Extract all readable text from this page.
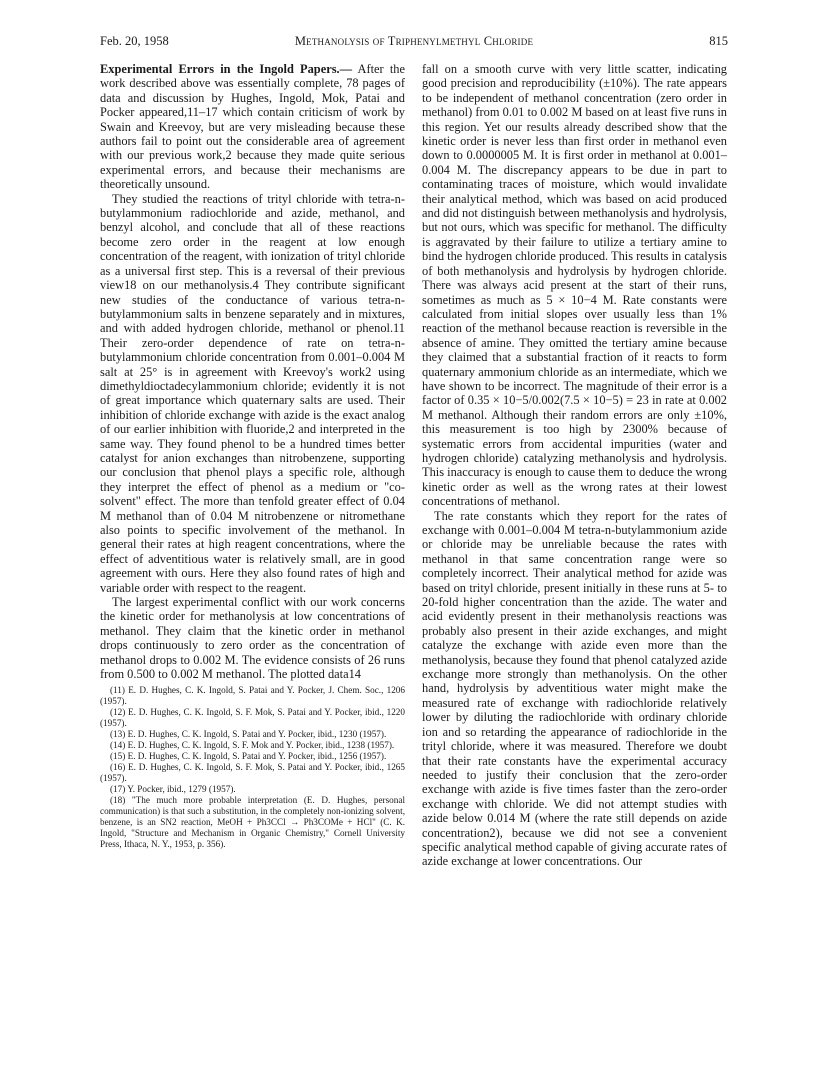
Feb. 20, 1958	Methanolysis of Triphenylmethyl Chloride	815

Experimental Errors in the Ingold Papers.— After the work described above was essentially complete, 78 pages of data and discussion by Hughes, Ingold, Mok, Patai and Pocker appeared,11–17 which contain criticism of work by Swain and Kreevoy, but are very misleading because these authors fail to point out the considerable area of agreement with our previous work,2 because they made quite serious experimental errors, and because their mechanisms are theoretically unsound.

They studied the reactions of trityl chloride with tetra-n-butylammonium radiochloride and azide, methanol, and benzyl alcohol, and conclude that all of these reactions become zero order in the reagent at low enough concentration of the reagent, with ionization of trityl chloride as a universal first step. This is a reversal of their previous view18 on our methanolysis.4 They contribute significant new studies of the conductance of various tetra-n-butylammonium salts in benzene separately and in mixtures, and with added hydrogen chloride, methanol or phenol.11 Their zero-order dependence of rate on tetra-n-butylammonium chloride concentration from 0.001–0.004 M salt at 25° is in agreement with Kreevoy's work2 using dimethyldioctadecylammonium chloride; evidently it is not of great importance which quaternary salts are used. Their inhibition of chloride exchange with azide is the exact analog of our earlier inhibition with fluoride,2 and interpreted in the same way. They found phenol to be a hundred times better catalyst for anion exchanges than nitrobenzene, supporting our conclusion that phenol plays a specific role, although they interpret the effect of phenol as a medium or "co-solvent" effect. The more than tenfold greater effect of 0.04 M methanol than of 0.04 M nitrobenzene or nitromethane also points to specific involvement of the methanol. In general their rates at high reagent concentrations, where the effect of adventitious water is relatively small, are in good agreement with ours. Here they also found rates of high and variable order with respect to the reagent.

The largest experimental conflict with our work concerns the kinetic order for methanolysis at low concentrations of methanol. They claim that the kinetic order in methanol drops continuously to zero order as the concentration of methanol drops to 0.002 M. The evidence consists of 26 runs from 0.500 to 0.002 M methanol. The plotted data14

(11) E. D. Hughes, C. K. Ingold, S. Patai and Y. Pocker, J. Chem. Soc., 1206 (1957).

(12) E. D. Hughes, C. K. Ingold, S. F. Mok, S. Patai and Y. Pocker, ibid., 1220 (1957).

(13) E. D. Hughes, C. K. Ingold, S. Patai and Y. Pocker, ibid., 1230 (1957).

(14) E. D. Hughes, C. K. Ingold, S. F. Mok and Y. Pocker, ibid., 1238 (1957).

(15) E. D. Hughes, C. K. Ingold, S. Patai and Y. Pocker, ibid., 1256 (1957).

(16) E. D. Hughes, C. K. Ingold, S. F. Mok, S. Patai and Y. Pocker, ibid., 1265 (1957).

(17) Y. Pocker, ibid., 1279 (1957).

(18) "The much more probable interpretation (E. D. Hughes, personal communication) is that such a substitution, in the completely non-ionizing solvent, benzene, is an SN2 reaction, MeOH + Ph3CCl → Ph3COMe + HCl" (C. K. Ingold, "Structure and Mechanism in Organic Chemistry," Cornell University Press, Ithaca, N. Y., 1953, p. 356).

fall on a smooth curve with very little scatter, indicating good precision and reproducibility (±10%). The rate appears to be independent of methanol concentration (zero order in methanol) from 0.01 to 0.002 M based on at least five runs in this region. Yet our results already described show that the kinetic order is never less than first order in methanol even down to 0.0000005 M. It is first order in methanol at 0.001–0.004 M. The discrepancy appears to be due in part to contaminating traces of moisture, which would invalidate their analytical method, which was based on acid produced and did not distinguish between methanolysis and hydrolysis, but not ours, which was specific for methanol. The difficulty is aggravated by their failure to utilize a tertiary amine to bind the hydrogen chloride produced. This results in catalysis of both methanolysis and hydrolysis by hydrogen chloride. There was always acid present at the start of their runs, sometimes as much as 5 × 10−4 M. Rate constants were calculated from initial slopes over usually less than 1% reaction of the methanol because reaction is reversible in the absence of amine. They omitted the tertiary amine because they claimed that a substantial fraction of it reacts to form quaternary ammonium chloride as an intermediate, which we have shown to be incorrect. The magnitude of their error is a factor of 0.35 × 10−5/0.002(7.5 × 10−5) = 23 in rate at 0.002 M methanol. Although their random errors are only ±10%, this measurement is too high by 2300% because of systematic errors from accidental impurities (water and hydrogen chloride) catalyzing methanolysis and hydrolysis. This inaccuracy is enough to cause them to deduce the wrong kinetic order as well as the wrong rates at their lowest concentrations of methanol.

The rate constants which they report for the rates of exchange with 0.001–0.004 M tetra-n-butylammonium azide or chloride may be unreliable because the rates with methanol in that same concentration range were so completely incorrect. Their analytical method for azide was based on trityl chloride, present initially in these runs at 5- to 20-fold higher concentration than the azide. The water and acid evidently present in their methanolysis reactions was probably also present in their azide exchanges, and might catalyze the exchange with azide even more than the methanolysis, because they found that phenol catalyzed azide exchange more strongly than methanolysis. On the other hand, hydrolysis by adventitious water might make the measured rate of exchange with radiochloride relatively lower by diluting the radiochloride with ordinary chloride ion and so retarding the appearance of radiochloride in the trityl chloride, where it was measured. Therefore we doubt that their rate constants have the experimental accuracy needed to justify their conclusion that the zero-order exchange with azide is five times faster than the zero-order exchange with chloride. We did not attempt studies with azide below 0.014 M (where the rate still depends on azide concentration2), because we did not see a convenient specific analytical method capable of giving accurate rates of azide exchange at lower concentrations. Our
